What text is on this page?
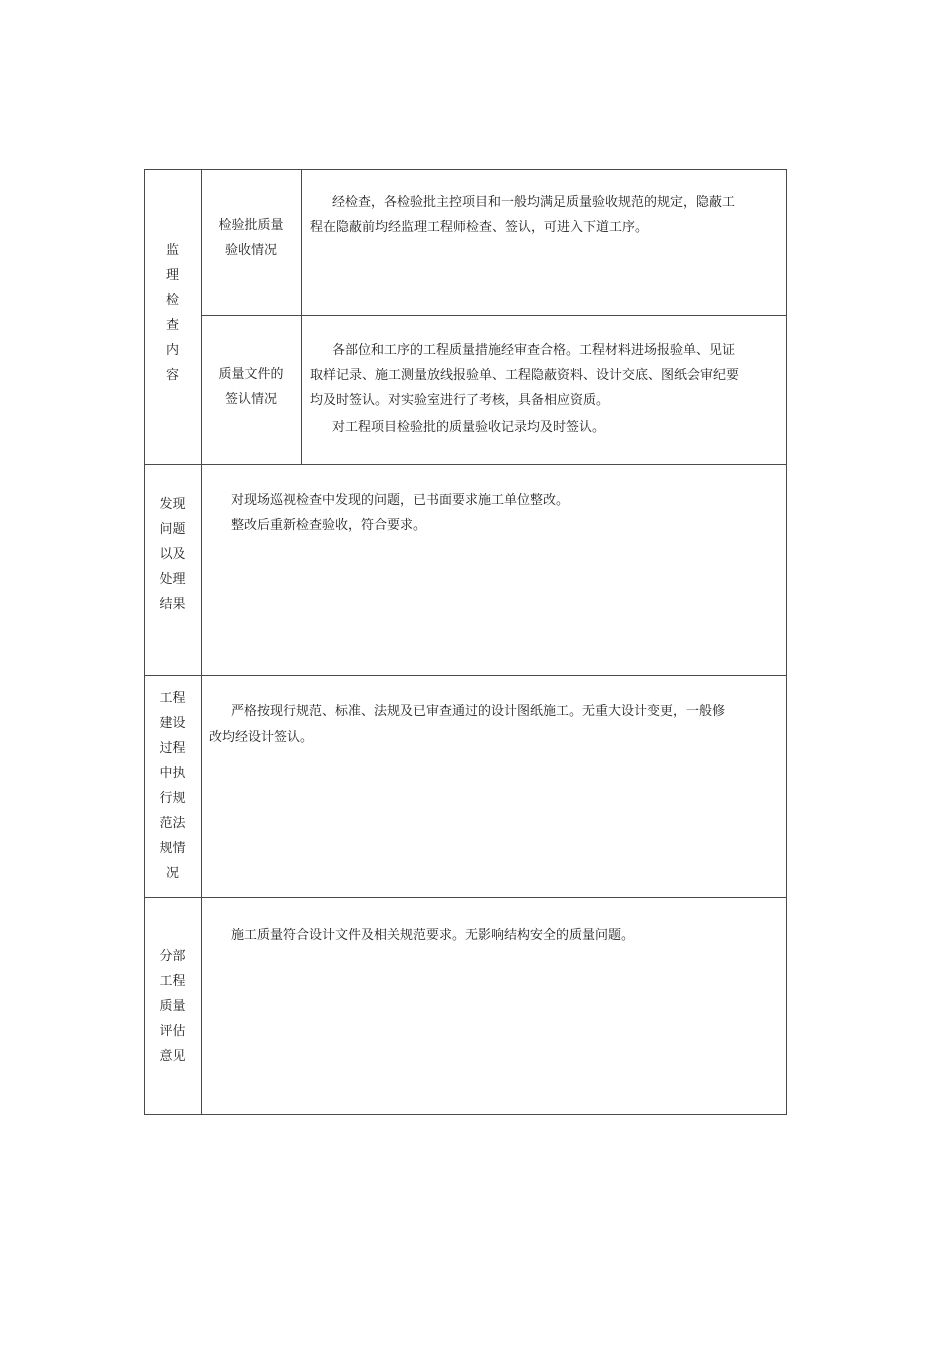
监
理
检
查
内
容
检验批质量
验收情况

经检查，各检验批主控项目和一般均满足质量验收规范的规定，隐蔽工

程在隐蔽前均经监理工程师检查、签认，可进入下道工序。

质量文件的
签认情况

各部位和工序的工程质量措施经审查合格。工程材料进场报验单、见证

取样记录、施工测量放线报验单、工程隐蔽资料、设计交底、图纸会审纪要

均及时签认。对实验室进行了考核，具备相应资质。

对工程项目检验批的质量验收记录均及时签认。

发现
问题
以及
处理
结果

对现场巡视检查中发现的问题，已书面要求施工单位整改。

整改后重新检查验收，符合要求。

工程
建设
过程
中执
行规
范法
规情
况

严格按现行规范、标准、法规及已审查通过的设计图纸施工。无重大设计变更，一般修

改均经设计签认。

分部
工程
质量
评估
意见

施工质量符合设计文件及相关规范要求。无影响结构安全的质量问题。
